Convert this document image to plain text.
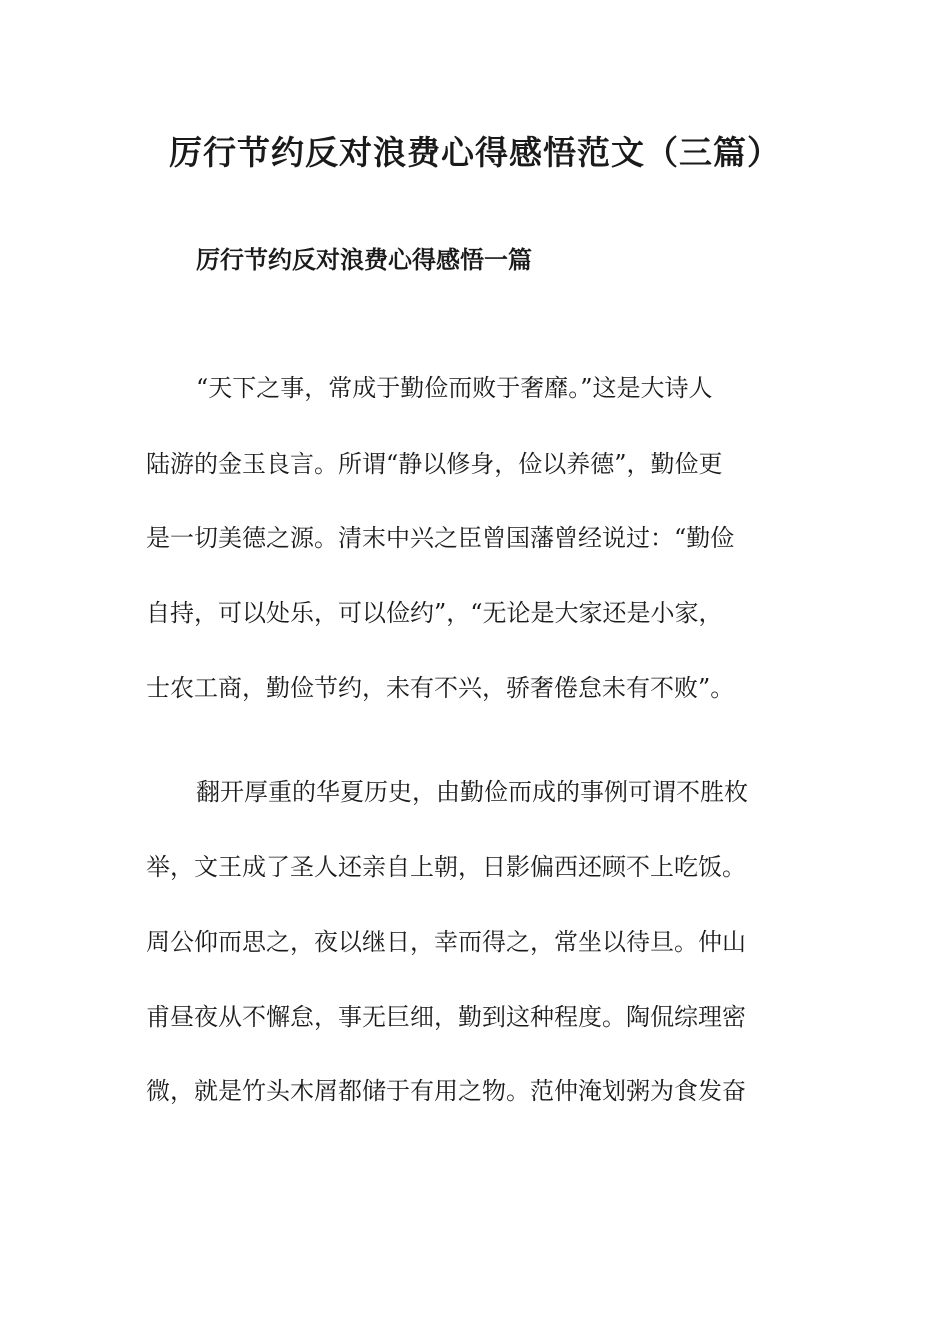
厉行节约反对浪费心得感悟范文（三篇）
厉行节约反对浪费心得感悟一篇

“天下之事，常成于勤俭而败于奢靡。”这是大诗人

陆游的金玉良言。所谓“静以修身，俭以养德”，勤俭更

是一切美德之源。清末中兴之臣曾国藩曾经说过：“勤俭

自持，可以处乐，可以俭约”，“无论是大家还是小家，

士农工商，勤俭节约，未有不兴，骄奢倦怠未有不败”。

翻开厚重的华夏历史，由勤俭而成的事例可谓不胜枚

举，文王成了圣人还亲自上朝，日影偏西还顾不上吃饭。

周公仰而思之，夜以继日，幸而得之，常坐以待旦。仲山

甫昼夜从不懈怠，事无巨细，勤到这种程度。陶侃综理密

微，就是竹头木屑都储于有用之物。范仲淹划粥为食发奋
